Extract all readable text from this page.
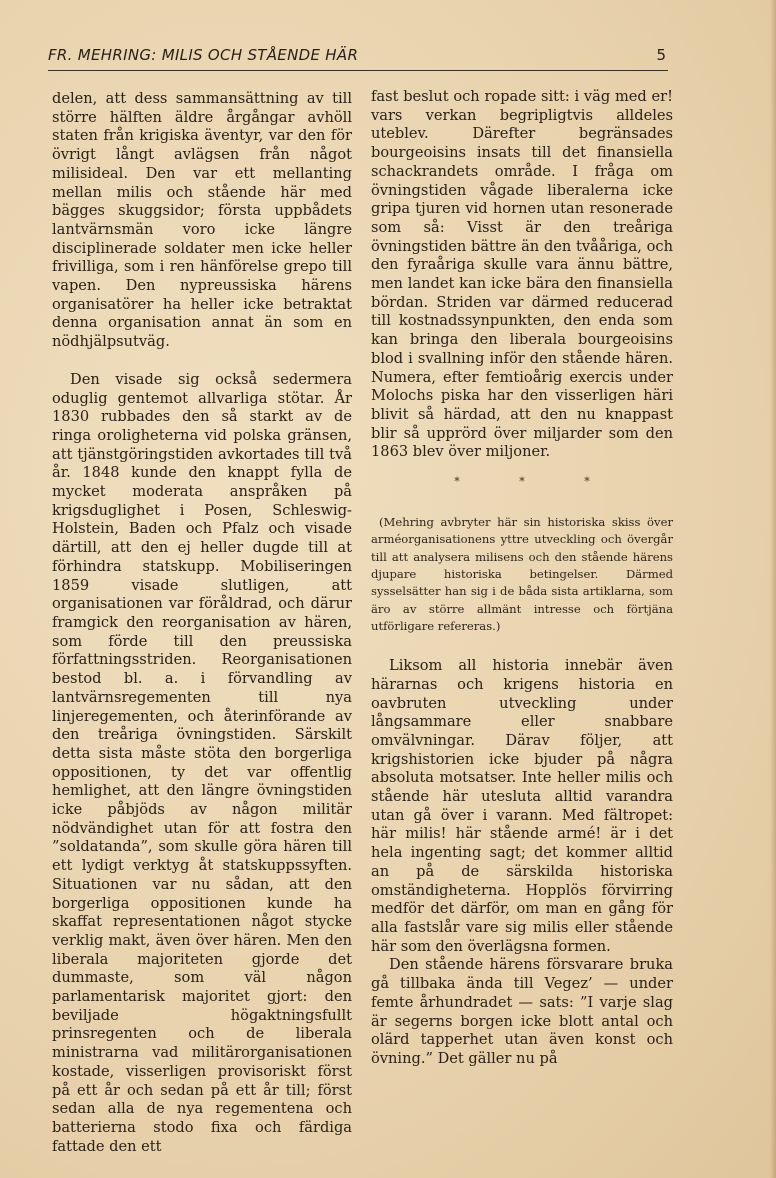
FR. MEHRING: MILIS OCH STÅENDE HÄR	5

delen, att dess sammansättning av till större hälften äldre årgångar avhöll staten från krigiska äventyr, var den för övrigt långt avlägsen från något milisideal. Den var ett mellanting mellan milis och stående här med bägges skuggsidor; första uppbådets lantvärnsmän voro icke längre disciplinerade soldater men icke heller frivilliga, som i ren hänförelse grepo till vapen. Den nypreussiska härens organisatörer ha heller icke betraktat denna organisation annat än som en nödhjälpsutväg.

Den visade sig också sedermera oduglig gentemot allvarliga stötar. År 1830 rubbades den så starkt av de ringa oroligheterna vid polska gränsen, att tjänstgöringstiden avkortades till två år. 1848 kunde den knappt fylla de mycket moderata anspråken på krigsduglighet i Posen, Schleswig-Holstein, Baden och Pfalz och visade därtill, att den ej heller dugde till at förhindra statskupp. Mobiliseringen 1859 visade slutligen, att organisationen var föråldrad, och därur framgick den reorganisation av hären, som förde till den preussiska författningsstriden. Reorganisationen bestod bl. a. i förvandling av lantvärnsregementen till nya linjeregementen, och återinförande av den treåriga övningstiden. Särskilt detta sista måste stöta den borgerliga oppositionen, ty det var offentlig hemlighet, att den längre övningstiden icke påbjöds av någon militär nödvändighet utan för att fostra den ”soldatanda”, som skulle göra hären till ett lydigt verktyg åt statskuppssyften. Situationen var nu sådan, att den borgerliga oppositionen kunde ha skaffat representationen något stycke verklig makt, även över hären. Men den liberala majoriteten gjorde det dummaste, som väl någon parlamentarisk majoritet gjort: den beviljade högaktningsfullt prinsregenten och de liberala ministrarna vad militärorganisationen kostade, visserligen provisoriskt först på ett år och sedan på ett år till; först sedan alla de nya regementena och batterierna stodo fixa och färdiga fattade den ett

fast beslut och ropade sitt: i väg med er! vars verkan begripligtvis alldeles uteblev. Därefter begränsades bourgeoisins insats till det finansiella schackrandets område. I fråga om övningstiden vågade liberalerna icke gripa tjuren vid hornen utan resonerade som så: Visst är den treåriga övningstiden bättre än den tvååriga, och den fyraåriga skulle vara ännu bättre, men landet kan icke bära den finansiella bördan. Striden var därmed reducerad till kostnadssynpunkten, den enda som kan bringa den liberala bourgeoisins blod i svallning inför den stående hären. Numera, efter femtioårig exercis under Molochs piska har den visserligen häri blivit så härdad, att den nu knappast blir så upprörd över miljarder som den 1863 blev över miljoner.

* * *

(Mehring avbryter här sin historiska skiss över arméorganisationens yttre utveckling och övergår till att analysera milisens och den stående härens djupare historiska betingelser. Därmed sysselsätter han sig i de båda sista artiklarna, som äro av större allmänt intresse och förtjäna utförligare refereras.)

Liksom all historia innebär även härarnas och krigens historia en oavbruten utveckling under långsammare eller snabbare omvälvningar. Därav följer, att krigshistorien icke bjuder på några absoluta motsatser. Inte heller milis och stående här utesluta alltid varandra utan gå över i varann. Med fältropet: här milis! här stående armé! är i det hela ingenting sagt; det kommer alltid an på de särskilda historiska omständigheterna. Hopplös förvirring medför det därför, om man en gång för alla fastslår vare sig milis eller stående här som den överlägsna formen.

Den stående härens försvarare bruka gå tillbaka ända till Vegez’ — under femte århundradet — sats: ”I varje slag är segerns borgen icke blott antal och olärd tapperhet utan även konst och övning.” Det gäller nu på
